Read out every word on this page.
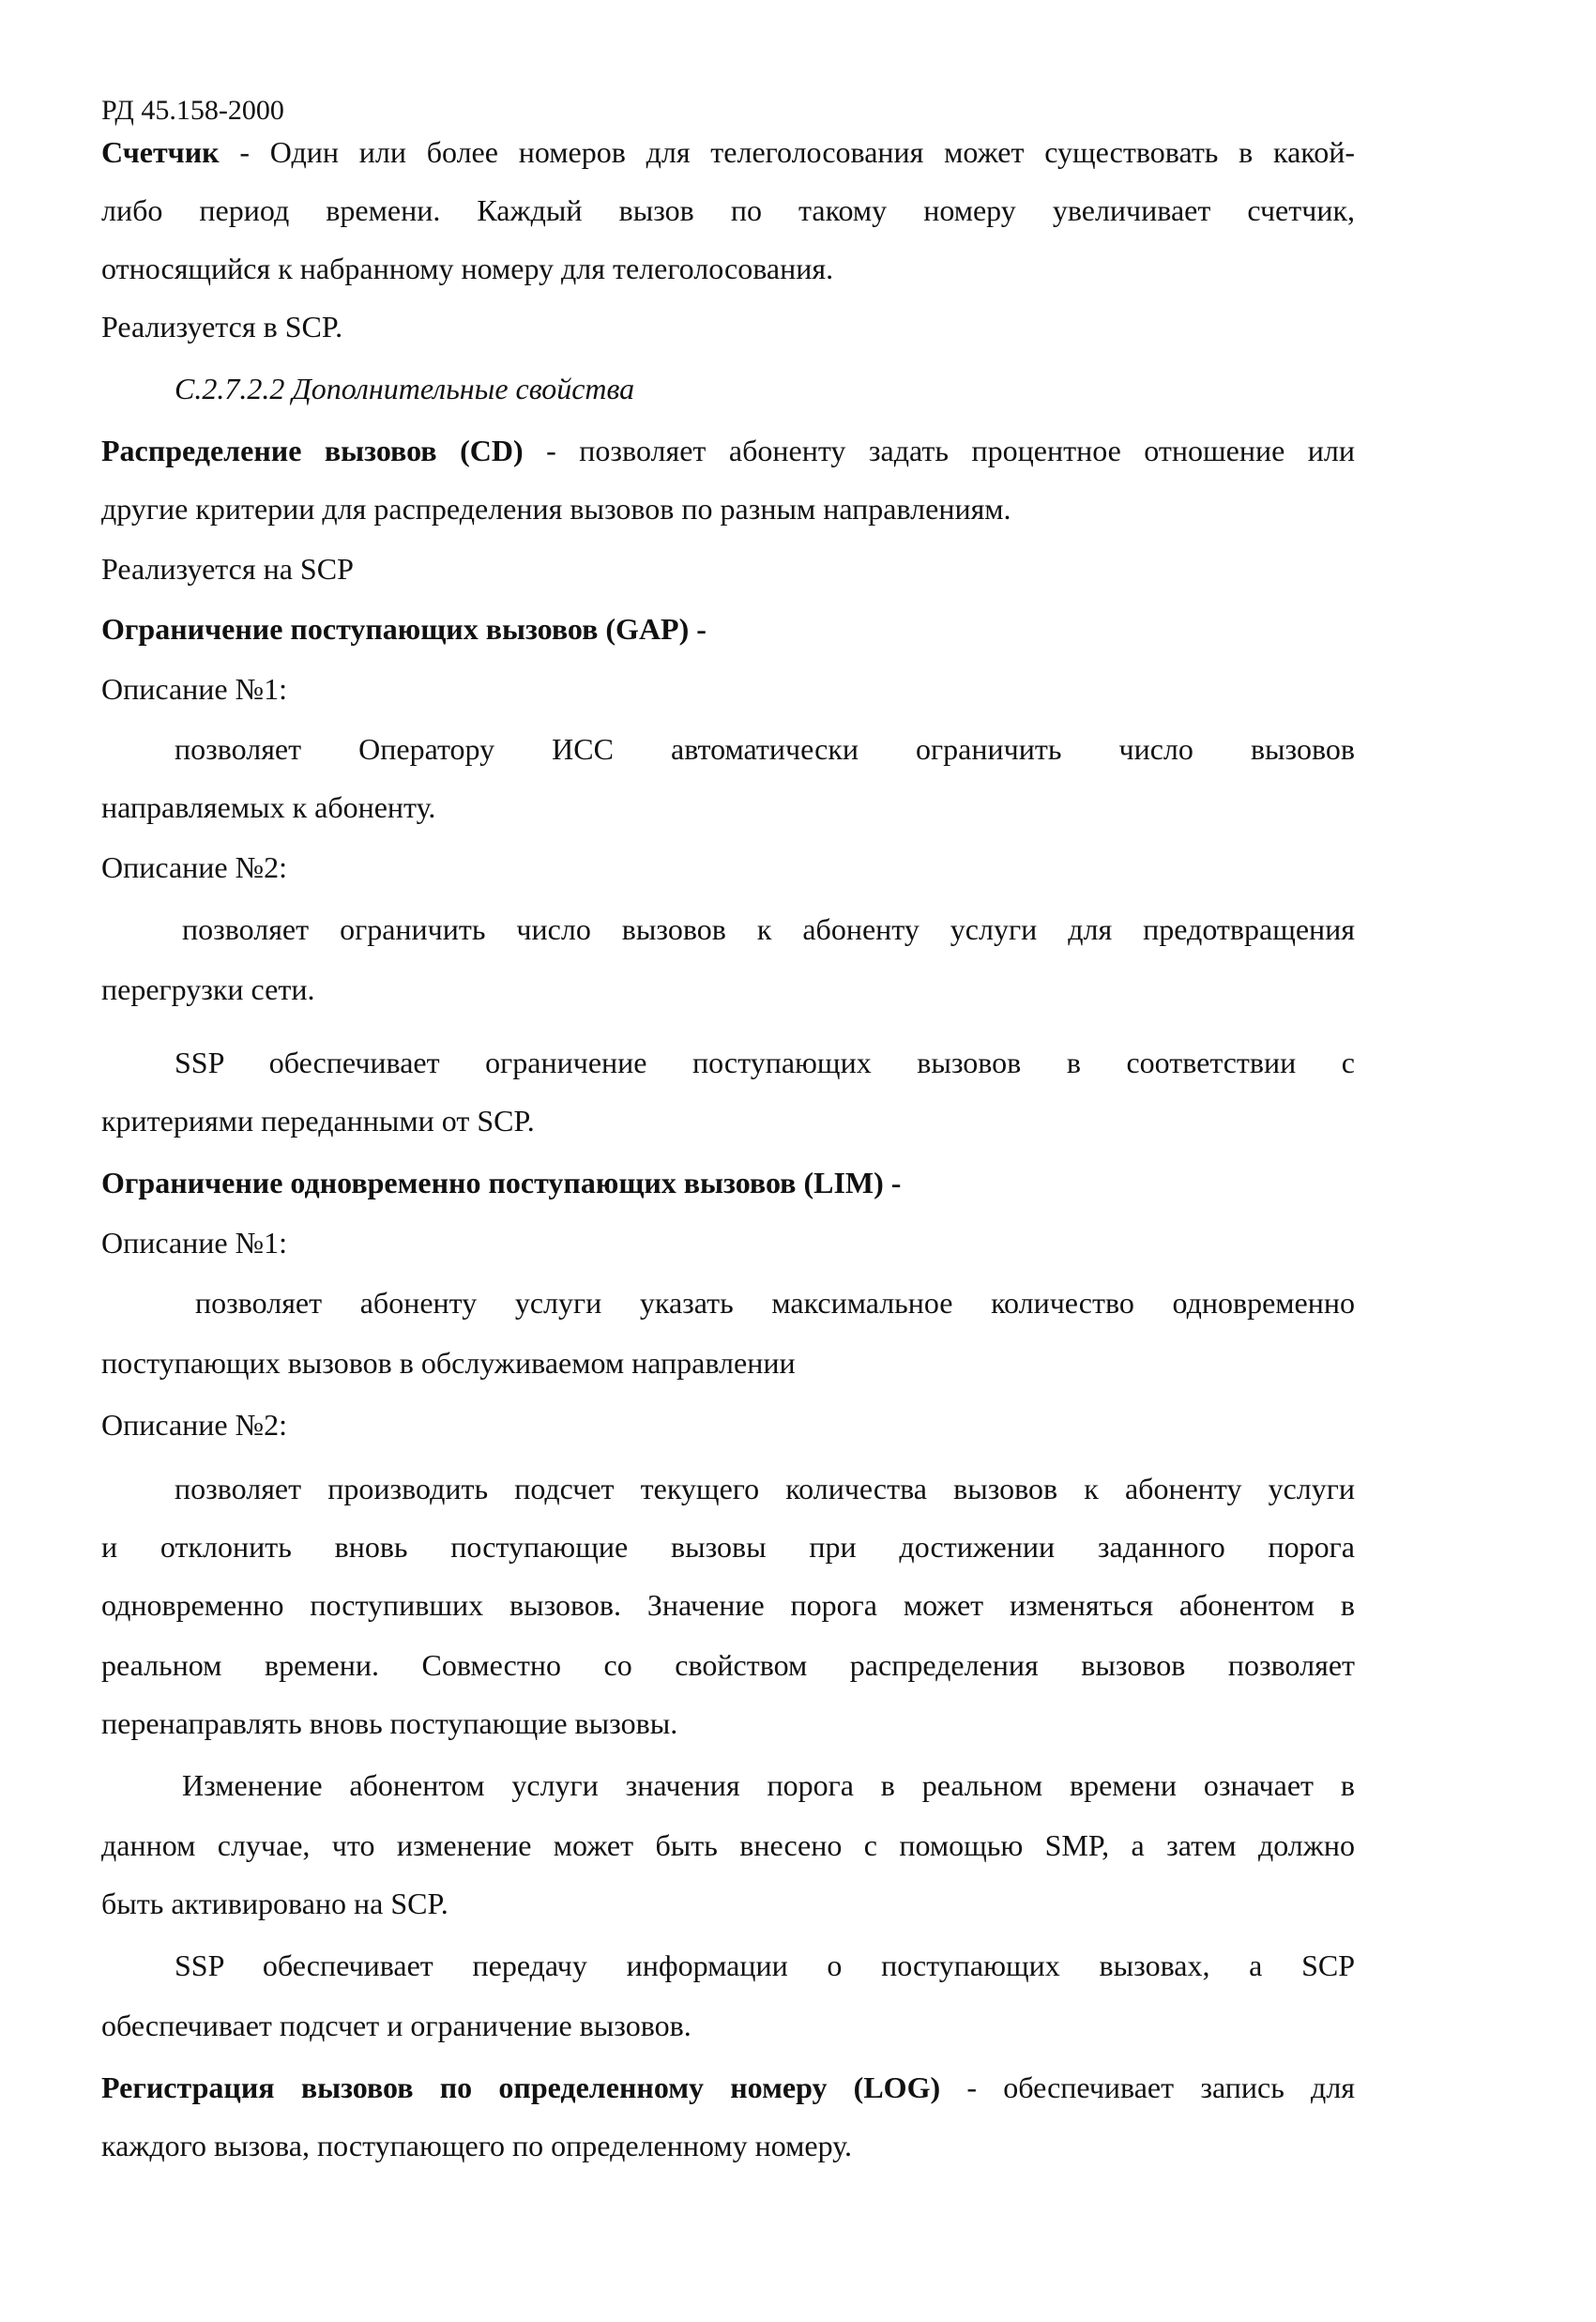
РД 45.158-2000
Счетчик - Один или более номеров для телеголосования может существовать в какой-
либо период времени. Каждый вызов по такому номеру увеличивает счетчик,
относящийся к набранному номеру для телеголосования.
Реализуется в SCP.
С.2.7.2.2 Дополнительные свойства
Распределение вызовов (CD) - позволяет абоненту задать процентное отношение или
другие критерии для распределения вызовов по разным направлениям.
Реализуется на SCP
Ограничение поступающих вызовов (GAP) -
Описание №1:
позволяет Оператору ИСС автоматически ограничить число вызовов
направляемых к абоненту.
Описание №2:
позволяет ограничить число вызовов к абоненту услуги для предотвращения
перегрузки сети.
SSP обеспечивает ограничение поступающих вызовов в соответствии с
критериями переданными от SCP.
Ограничение одновременно поступающих вызовов (LIM) -
Описание №1:
позволяет абоненту услуги указать максимальное количество одновременно
поступающих вызовов в обслуживаемом направлении
Описание №2:
позволяет производить подсчет текущего количества вызовов к абоненту услуги
и отклонить вновь поступающие вызовы при достижении заданного порога
одновременно поступивших вызовов. Значение порога может изменяться абонентом в
реальном времени. Совместно со свойством распределения вызовов позволяет
перенаправлять вновь поступающие вызовы.
Изменение абонентом услуги значения порога в реальном времени означает в
данном случае, что изменение может быть внесено с помощью SMP, а затем должно
быть активировано на SCP.
SSP обеспечивает передачу информации о поступающих вызовах, а SCP
обеспечивает подсчет и ограничение вызовов.
Регистрация вызовов по определенному номеру (LOG) - обеспечивает запись для
каждого вызова, поступающего по определенному номеру.
